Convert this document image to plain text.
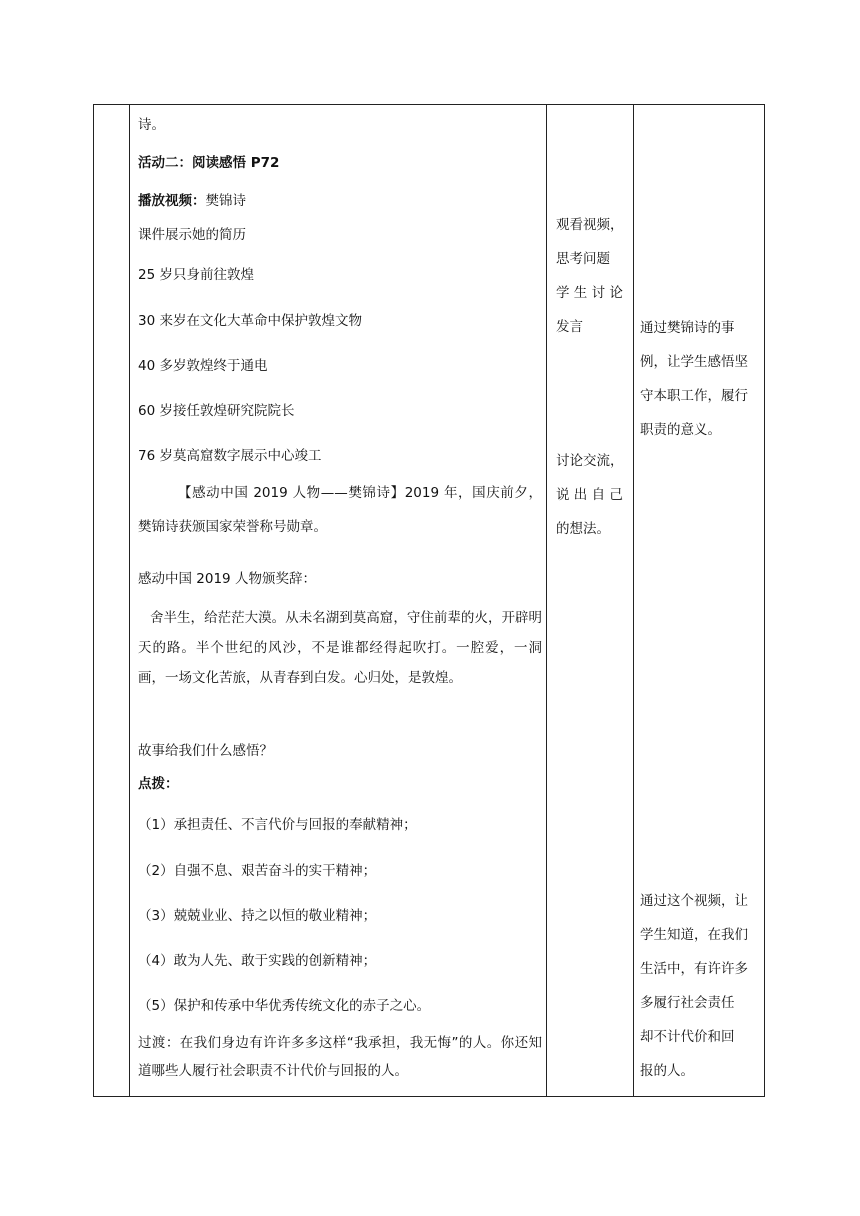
诗。
活动二：阅读感悟 P72
播放视频：樊锦诗
课件展示她的简历
25 岁只身前往敦煌
30 来岁在文化大革命中保护敦煌文物
40 多岁敦煌终于通电
60 岁接任敦煌研究院院长
76 岁莫高窟数字展示中心竣工
【感动中国 2019 人物——樊锦诗】2019 年，国庆前夕，樊锦诗获颁国家荣誉称号勋章。
感动中国 2019 人物颁奖辞：
舍半生，给茫茫大漠。从未名湖到莫高窟，守住前辈的火，开辟明天的路。半个世纪的风沙，不是谁都经得起吹打。一腔爱，一洞画，一场文化苦旅，从青春到白发。心归处，是敦煌。
故事给我们什么感悟？
点拨：
（1）承担责任、不言代价与回报的奉献精神；
（2）自强不息、艰苦奋斗的实干精神；
（3）兢兢业业、持之以恒的敬业精神；
（4）敢为人先、敢于实践的创新精神；
（5）保护和传承中华优秀传统文化的赤子之心。
过渡：在我们身边有许许多多这样“我承担，我无悔”的人。你还知道哪些人履行社会职责不计代价与回报的人。
观看视频，
思考问题
学 生 讨 论
发言
讨论交流，
说 出 自 己
的想法。
通过樊锦诗的事
例，让学生感悟坚
守本职工作，履行
职责的意义。
通过这个视频，让
学生知道，在我们
生活中，有许许多
多履行社会责任
却不计代价和回
报的人。
